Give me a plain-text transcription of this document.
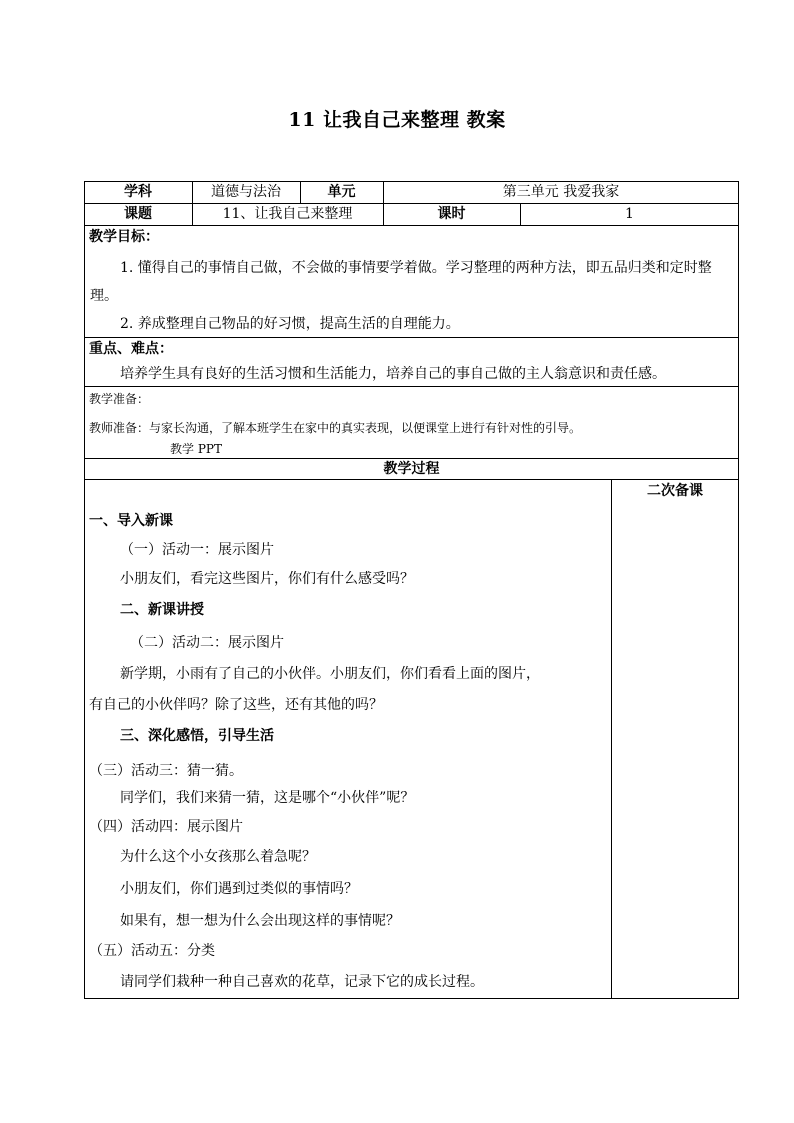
11 让我自己来整理 教案
学科	道德与法治	单元	第三单元 我爱我家
课题	11、让我自己来整理	课时	1
教学目标：
1. 懂得自己的事情自己做，不会做的事情要学着做。学习整理的两种方法，即五品归类和定时整理。
2. 养成整理自己物品的好习惯，提高生活的自理能力。
重点、难点：
培养学生具有良好的生活习惯和生活能力，培养自己的事自己做的主人翁意识和责任感。
教学准备：
教师准备：与家长沟通，了解本班学生在家中的真实表现，以便课堂上进行有针对性的引导。
教学 PPT
教学过程
二次备课
一、导入新课
（一）活动一：展示图片
小朋友们，看完这些图片，你们有什么感受吗？
二、新课讲授
（二）活动二：展示图片
新学期，小雨有了自己的小伙伴。小朋友们，你们看看上面的图片，
有自己的小伙伴吗？除了这些，还有其他的吗？
三、深化感悟，引导生活
（三）活动三：猜一猜。
同学们，我们来猜一猜，这是哪个“小伙伴”呢？
（四）活动四：展示图片
为什么这个小女孩那么着急呢？
小朋友们，你们遇到过类似的事情吗？
如果有，想一想为什么会出现这样的事情呢？
（五）活动五：分类
请同学们栽种一种自己喜欢的花草，记录下它的成长过程。
